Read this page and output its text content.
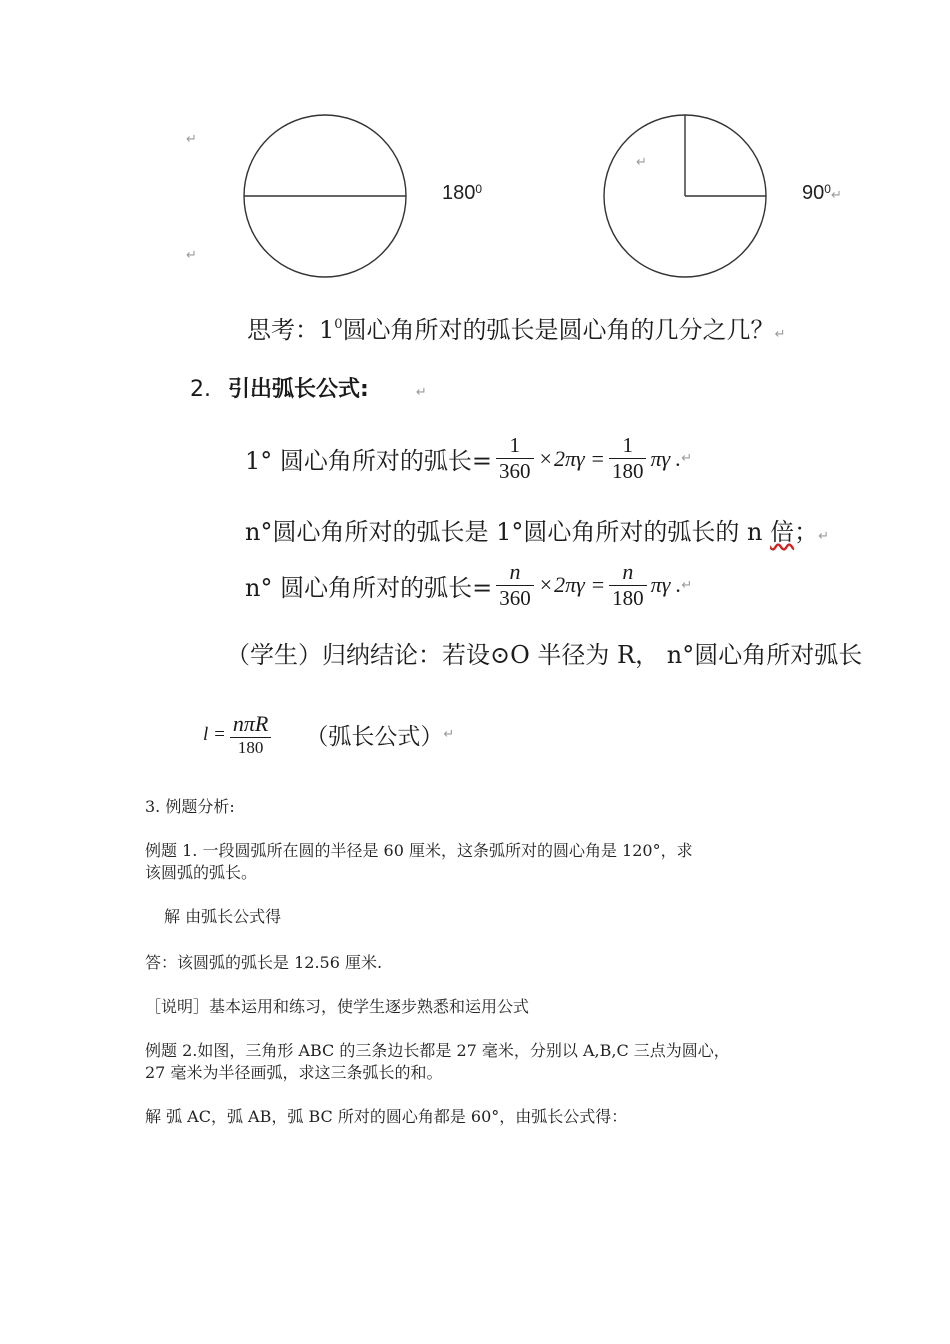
↵
↵
$180^0$
↵
$90^0↵$
思考：$1^0$圆心角所对的弧长是圆心角的几分之几？↵
2. 引出弧长公式:	↵
1° 圆心角所对的弧长= $\frac{1}{360} \times 2\pi\gamma = \frac{1}{180}$ πγ . ↵
n°圆心角所对的弧长是 1°圆心角所对的弧长的 n 倍；↵
n° 圆心角所对的弧长= $\frac{n}{360} \times 2\pi\gamma = \frac{n}{180}$ πγ . ↵
（学生）归纳结论：若设⊙O 半径为 R， n°圆心角所对弧长
$l = \frac{\text{nπR}}{180}$ （弧长公式） ↵
3. 例题分析:
例题 1. 一段圆弧所在圆的半径是 60 厘米，这条弧所对的圆心角是 120°，求
该圆弧的弧长。
解 由弧长公式得
答：该圆弧的弧长是 12.56 厘米.
［说明］基本运用和练习，使学生逐步熟悉和运用公式
例题 2.如图，三角形 ABC 的三条边长都是 27 毫米，分别以 A,B,C 三点为圆心，
27 毫米为半径画弧，求这三条弧长的和。
解 弧 AC，弧 AB，弧 BC 所对的圆心角都是 60°，由弧长公式得：
